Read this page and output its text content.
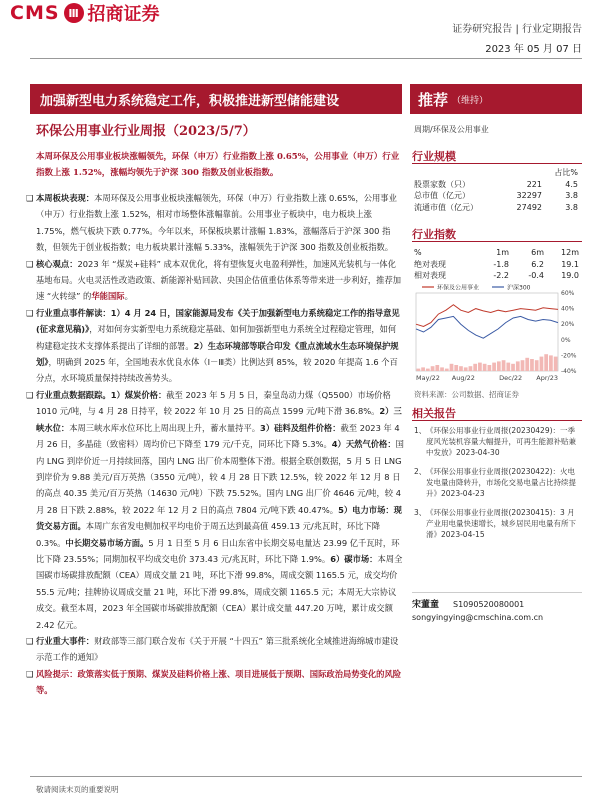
CMS Ⅲ 招商证券
证券研究报告 | 行业定期报告
2023 年 05 月 07 日
加强新型电力系统稳定工作，积极推进新型储能建设	推荐 （维持）
环保公用事业行业周报（2023/5/7）	周期/环保及公用事业
本周环保及公用事业板块涨幅领先，环保（申万）行业指数上涨 0.65%，公用事业（申万）行业指数上涨 1.52%，涨幅均领先于沪深 300 指数及创业板指数。

❑ 本周板块表现：本周环保及公用事业板块涨幅领先，环保（申万）行业指数上涨 0.65%，公用事业（申万）行业指数上涨 1.52%，相对市场整体涨幅靠前。公用事业子板块中，电力板块上涨 1.75%，燃气板块下跌 0.77%。今年以来，环保板块累计涨幅 1.83%，涨幅落后于沪深 300 指数，但领先于创业板指数；电力板块累计涨幅 5.33%，涨幅领先于沪深 300 指数及创业板指数。

❑ 核心观点：2023 年 “煤炭+硅料” 成本双优化，将有望恢复火电盈利弹性，加速风光装机与一体化基地布局。火电灵活性改造政策、新能源补贴回款、央国企估值重估体系等带来进一步利好，推荐加速 “火转绿” 的华能国际。

❑ 行业重点事件解读：1）4 月 24 日，国家能源局发布《关于加强新型电力系统稳定工作的指导意见(征求意见稿)》，对如何夯实新型电力系统稳定基础、如何加强新型电力系统全过程稳定管理，如何构建稳定技术支撑体系提出了详细的部署。2）生态环境部等联合印发《重点流域水生态环境保护规划》，明确到 2025 年，全国地表水优良水体（Ⅰ－Ⅲ类）比例达到 85%，较 2020 年提高 1.6 个百分点，水环境质量保持持续改善势头。

❑ 行业重点数据跟踪。1）煤炭价格：截至 2023 年 5 月 5 日，秦皇岛动力煤（Q5500）市场价格 1010 元/吨，与 4 月 28 日持平，较 2022 年 10 月 25 日的高点 1599 元/吨下滑 36.8%。2）三峡水位：本周三峡水库水位环比上周出现上升，蓄水量持平。3）硅料及组件价格：截至 2023 年 4 月 26 日，多晶硅（致密料）周均价已下降至 179 元/千克，同环比下降 5.3%。4）天然气价格：国内 LNG 到岸价近一月持续回落，国内 LNG 出厂价本周整体下滑。根据全联创数据，5 月 5 日 LNG 到岸价为 9.88 美元/百万英热（3550 元/吨），较 4 月 28 日下跌 12.5%，较 2022 年 12 月 8 日的高点 40.35 美元/百万英热（14630 元/吨）下跌 75.52%。国内 LNG 出厂价 4646 元/吨，较 4 月 28 日下跌 2.88%，较 2022 年 12 月 2 日的高点 7804 元/吨下跌 40.47%。5）电力市场：现货交易方面。本周广东省发电侧加权平均电价于周五达到最高值 459.13 元/兆瓦时，环比下降 0.3%。中长期交易市场方面。5 月 1 日至 5 月 6 日山东省中长期交易电量达 23.99 亿千瓦时，环比下降 23.55%；同期加权平均成交电价 373.43 元/兆瓦时，环比下降 1.9%。6）碳市场：本周全国碳市场碳排放配额（CEA）周成交量 21 吨，环比下滑 99.8%，周成交额 1165.5 元，成交均价 55.5 元/吨；挂牌协议周成交量 21 吨，环比下滑 99.8%，周成交额 1165.5 元；本周无大宗协议成交。截至本周，2023 年全国碳市场碳排放配额（CEA）累计成交量 447.20 万吨，累计成交额 2.42 亿元。

❑ 行业重大事件：财政部等三部门联合发布《关于开展 “十四五” 第三批系统化全域推进海绵城市建设示范工作的通知》

❑ 风险提示：政策落实低于预期、煤炭及硅料价格上涨、项目进展低于预期、国际政治局势变化的风险等。

行业规模
占比%
股票家数（只）	221	4.5
总市值（亿元）	32297	3.8
流通市值（亿元）	27492	3.8
行业指数
%	1m	6m	12m
绝对表现	-1.8	6.2	19.1
相对表现	-2.2	-0.4	19.0
环保及公用事业	沪深300
60%
40%
20%
0%
-20%
-40%
May/22 Aug/22	Dec/22 Apr/23
资料来源：公司数据、招商证券
相关报告
1、 《环保公用事业行业周报(20230429)：一季度风光装机容量大幅提升，可再生能源补贴兼中发放》2023-04-30
2、 《环保公用事业行业周报(20230422)：火电发电量由降转升，市场化交易电量占比持续提升》2023-04-23
3、 《环保公用事业行业周报(20230415)：3 月产业用电量快速增长，城乡居民用电量有所下滑》2023-04-15
宋董童 S1090520080001
songyingying@cmschina.com.cn
敬请阅读末页的重要说明
